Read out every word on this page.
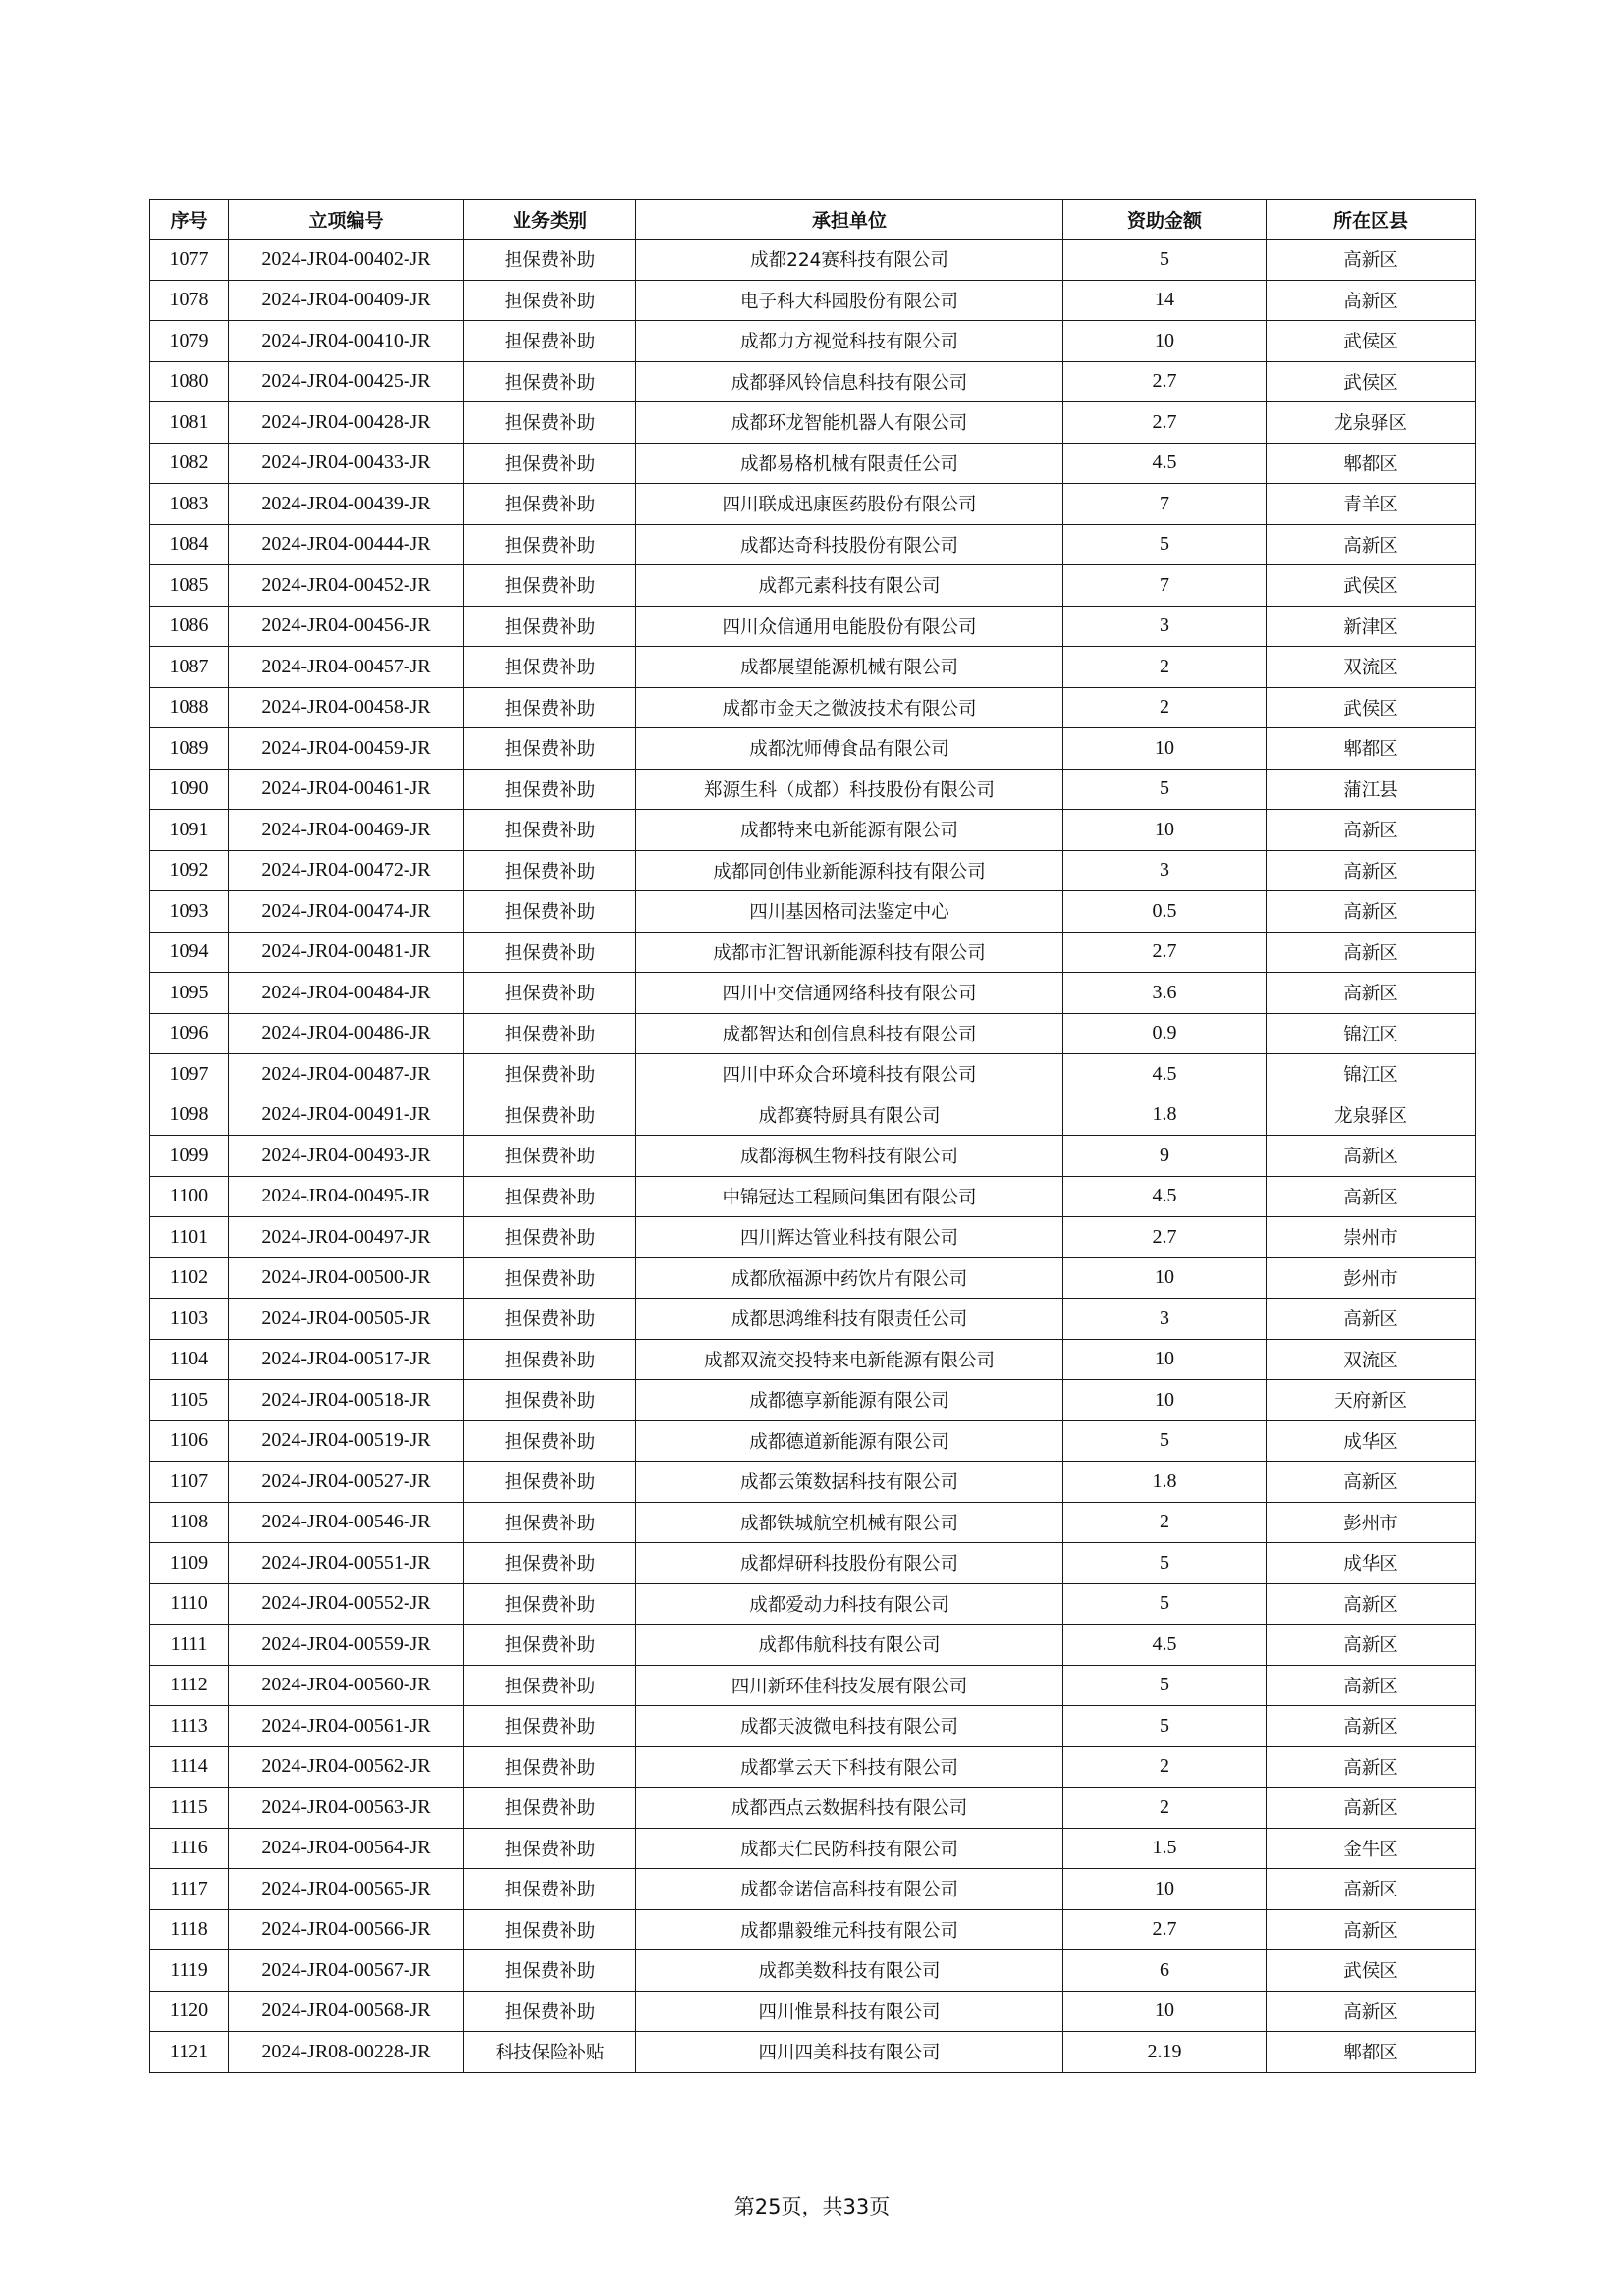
序号	立项编号	业务类别	承担单位	资助金额	所在区县
1077	2024-JR04-00402-JR	担保费补助	成都224赛科技有限公司	5	高新区
1078	2024-JR04-00409-JR	担保费补助	电子科大科园股份有限公司	14	高新区
1079	2024-JR04-00410-JR	担保费补助	成都力方视觉科技有限公司	10	武侯区
1080	2024-JR04-00425-JR	担保费补助	成都驿风铃信息科技有限公司	2.7	武侯区
1081	2024-JR04-00428-JR	担保费补助	成都环龙智能机器人有限公司	2.7	龙泉驿区
1082	2024-JR04-00433-JR	担保费补助	成都易格机械有限责任公司	4.5	郫都区
1083	2024-JR04-00439-JR	担保费补助	四川联成迅康医药股份有限公司	7	青羊区
1084	2024-JR04-00444-JR	担保费补助	成都达奇科技股份有限公司	5	高新区
1085	2024-JR04-00452-JR	担保费补助	成都元素科技有限公司	7	武侯区
1086	2024-JR04-00456-JR	担保费补助	四川众信通用电能股份有限公司	3	新津区
1087	2024-JR04-00457-JR	担保费补助	成都展望能源机械有限公司	2	双流区
1088	2024-JR04-00458-JR	担保费补助	成都市金天之微波技术有限公司	2	武侯区
1089	2024-JR04-00459-JR	担保费补助	成都沈师傅食品有限公司	10	郫都区
1090	2024-JR04-00461-JR	担保费补助	郑源生科（成都）科技股份有限公司	5	蒲江县
1091	2024-JR04-00469-JR	担保费补助	成都特来电新能源有限公司	10	高新区
1092	2024-JR04-00472-JR	担保费补助	成都同创伟业新能源科技有限公司	3	高新区
1093	2024-JR04-00474-JR	担保费补助	四川基因格司法鉴定中心	0.5	高新区
1094	2024-JR04-00481-JR	担保费补助	成都市汇智讯新能源科技有限公司	2.7	高新区
1095	2024-JR04-00484-JR	担保费补助	四川中交信通网络科技有限公司	3.6	高新区
1096	2024-JR04-00486-JR	担保费补助	成都智达和创信息科技有限公司	0.9	锦江区
1097	2024-JR04-00487-JR	担保费补助	四川中环众合环境科技有限公司	4.5	锦江区
1098	2024-JR04-00491-JR	担保费补助	成都赛特厨具有限公司	1.8	龙泉驿区
1099	2024-JR04-00493-JR	担保费补助	成都海枫生物科技有限公司	9	高新区
1100	2024-JR04-00495-JR	担保费补助	中锦冠达工程顾问集团有限公司	4.5	高新区
1101	2024-JR04-00497-JR	担保费补助	四川辉达管业科技有限公司	2.7	崇州市
1102	2024-JR04-00500-JR	担保费补助	成都欣福源中药饮片有限公司	10	彭州市
1103	2024-JR04-00505-JR	担保费补助	成都思鸿维科技有限责任公司	3	高新区
1104	2024-JR04-00517-JR	担保费补助	成都双流交投特来电新能源有限公司	10	双流区
1105	2024-JR04-00518-JR	担保费补助	成都德享新能源有限公司	10	天府新区
1106	2024-JR04-00519-JR	担保费补助	成都德道新能源有限公司	5	成华区
1107	2024-JR04-00527-JR	担保费补助	成都云策数据科技有限公司	1.8	高新区
1108	2024-JR04-00546-JR	担保费补助	成都铁城航空机械有限公司	2	彭州市
1109	2024-JR04-00551-JR	担保费补助	成都焊研科技股份有限公司	5	成华区
1110	2024-JR04-00552-JR	担保费补助	成都爱动力科技有限公司	5	高新区
1111	2024-JR04-00559-JR	担保费补助	成都伟航科技有限公司	4.5	高新区
1112	2024-JR04-00560-JR	担保费补助	四川新环佳科技发展有限公司	5	高新区
1113	2024-JR04-00561-JR	担保费补助	成都天波微电科技有限公司	5	高新区
1114	2024-JR04-00562-JR	担保费补助	成都掌云天下科技有限公司	2	高新区
1115	2024-JR04-00563-JR	担保费补助	成都西点云数据科技有限公司	2	高新区
1116	2024-JR04-00564-JR	担保费补助	成都天仁民防科技有限公司	1.5	金牛区
1117	2024-JR04-00565-JR	担保费补助	成都金诺信高科技有限公司	10	高新区
1118	2024-JR04-00566-JR	担保费补助	成都鼎毅维元科技有限公司	2.7	高新区
1119	2024-JR04-00567-JR	担保费补助	成都美数科技有限公司	6	武侯区
1120	2024-JR04-00568-JR	担保费补助	四川惟景科技有限公司	10	高新区
1121	2024-JR08-00228-JR	科技保险补贴	四川四美科技有限公司	2.19	郫都区
第25页，共33页
